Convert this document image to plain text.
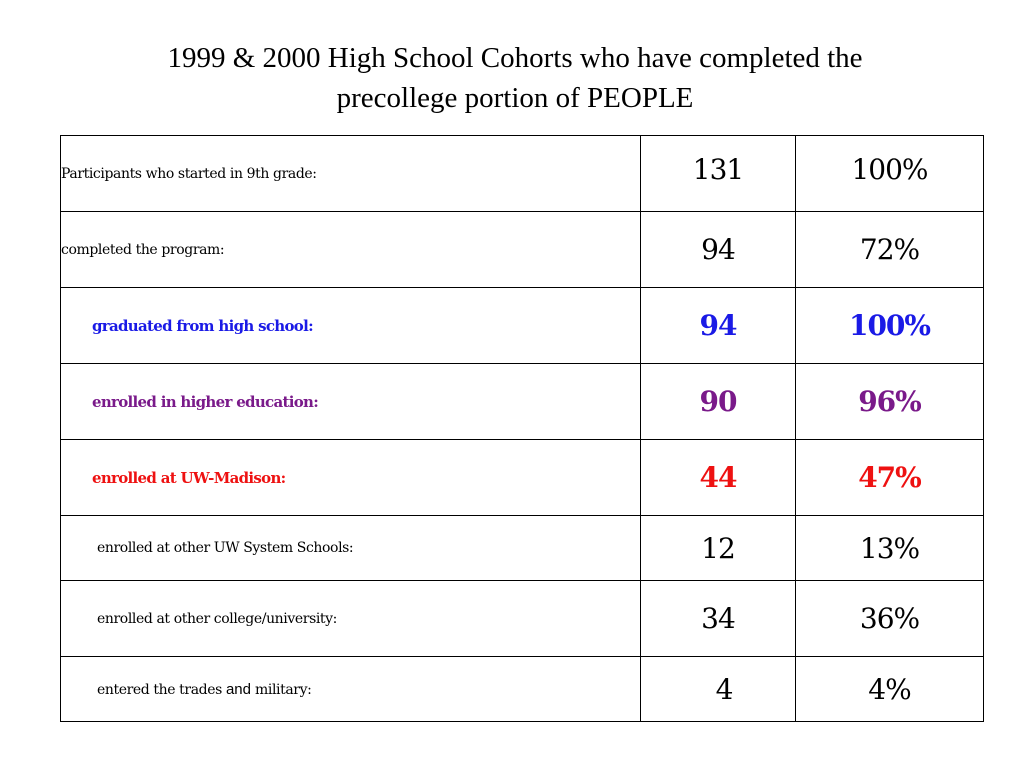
1999 & 2000 High School Cohorts who have completed the
precollege portion of PEOPLE
Participants who started in 9th grade:	131	100%
completed the program:	94	72%
graduated from high school:	94	100%
enrolled in higher education:	90	96%
enrolled at UW-Madison:	44	47%
enrolled at other UW System Schools:	12	13%
enrolled at other college/university:	34	36%
entered the trades and military:	4	4%
